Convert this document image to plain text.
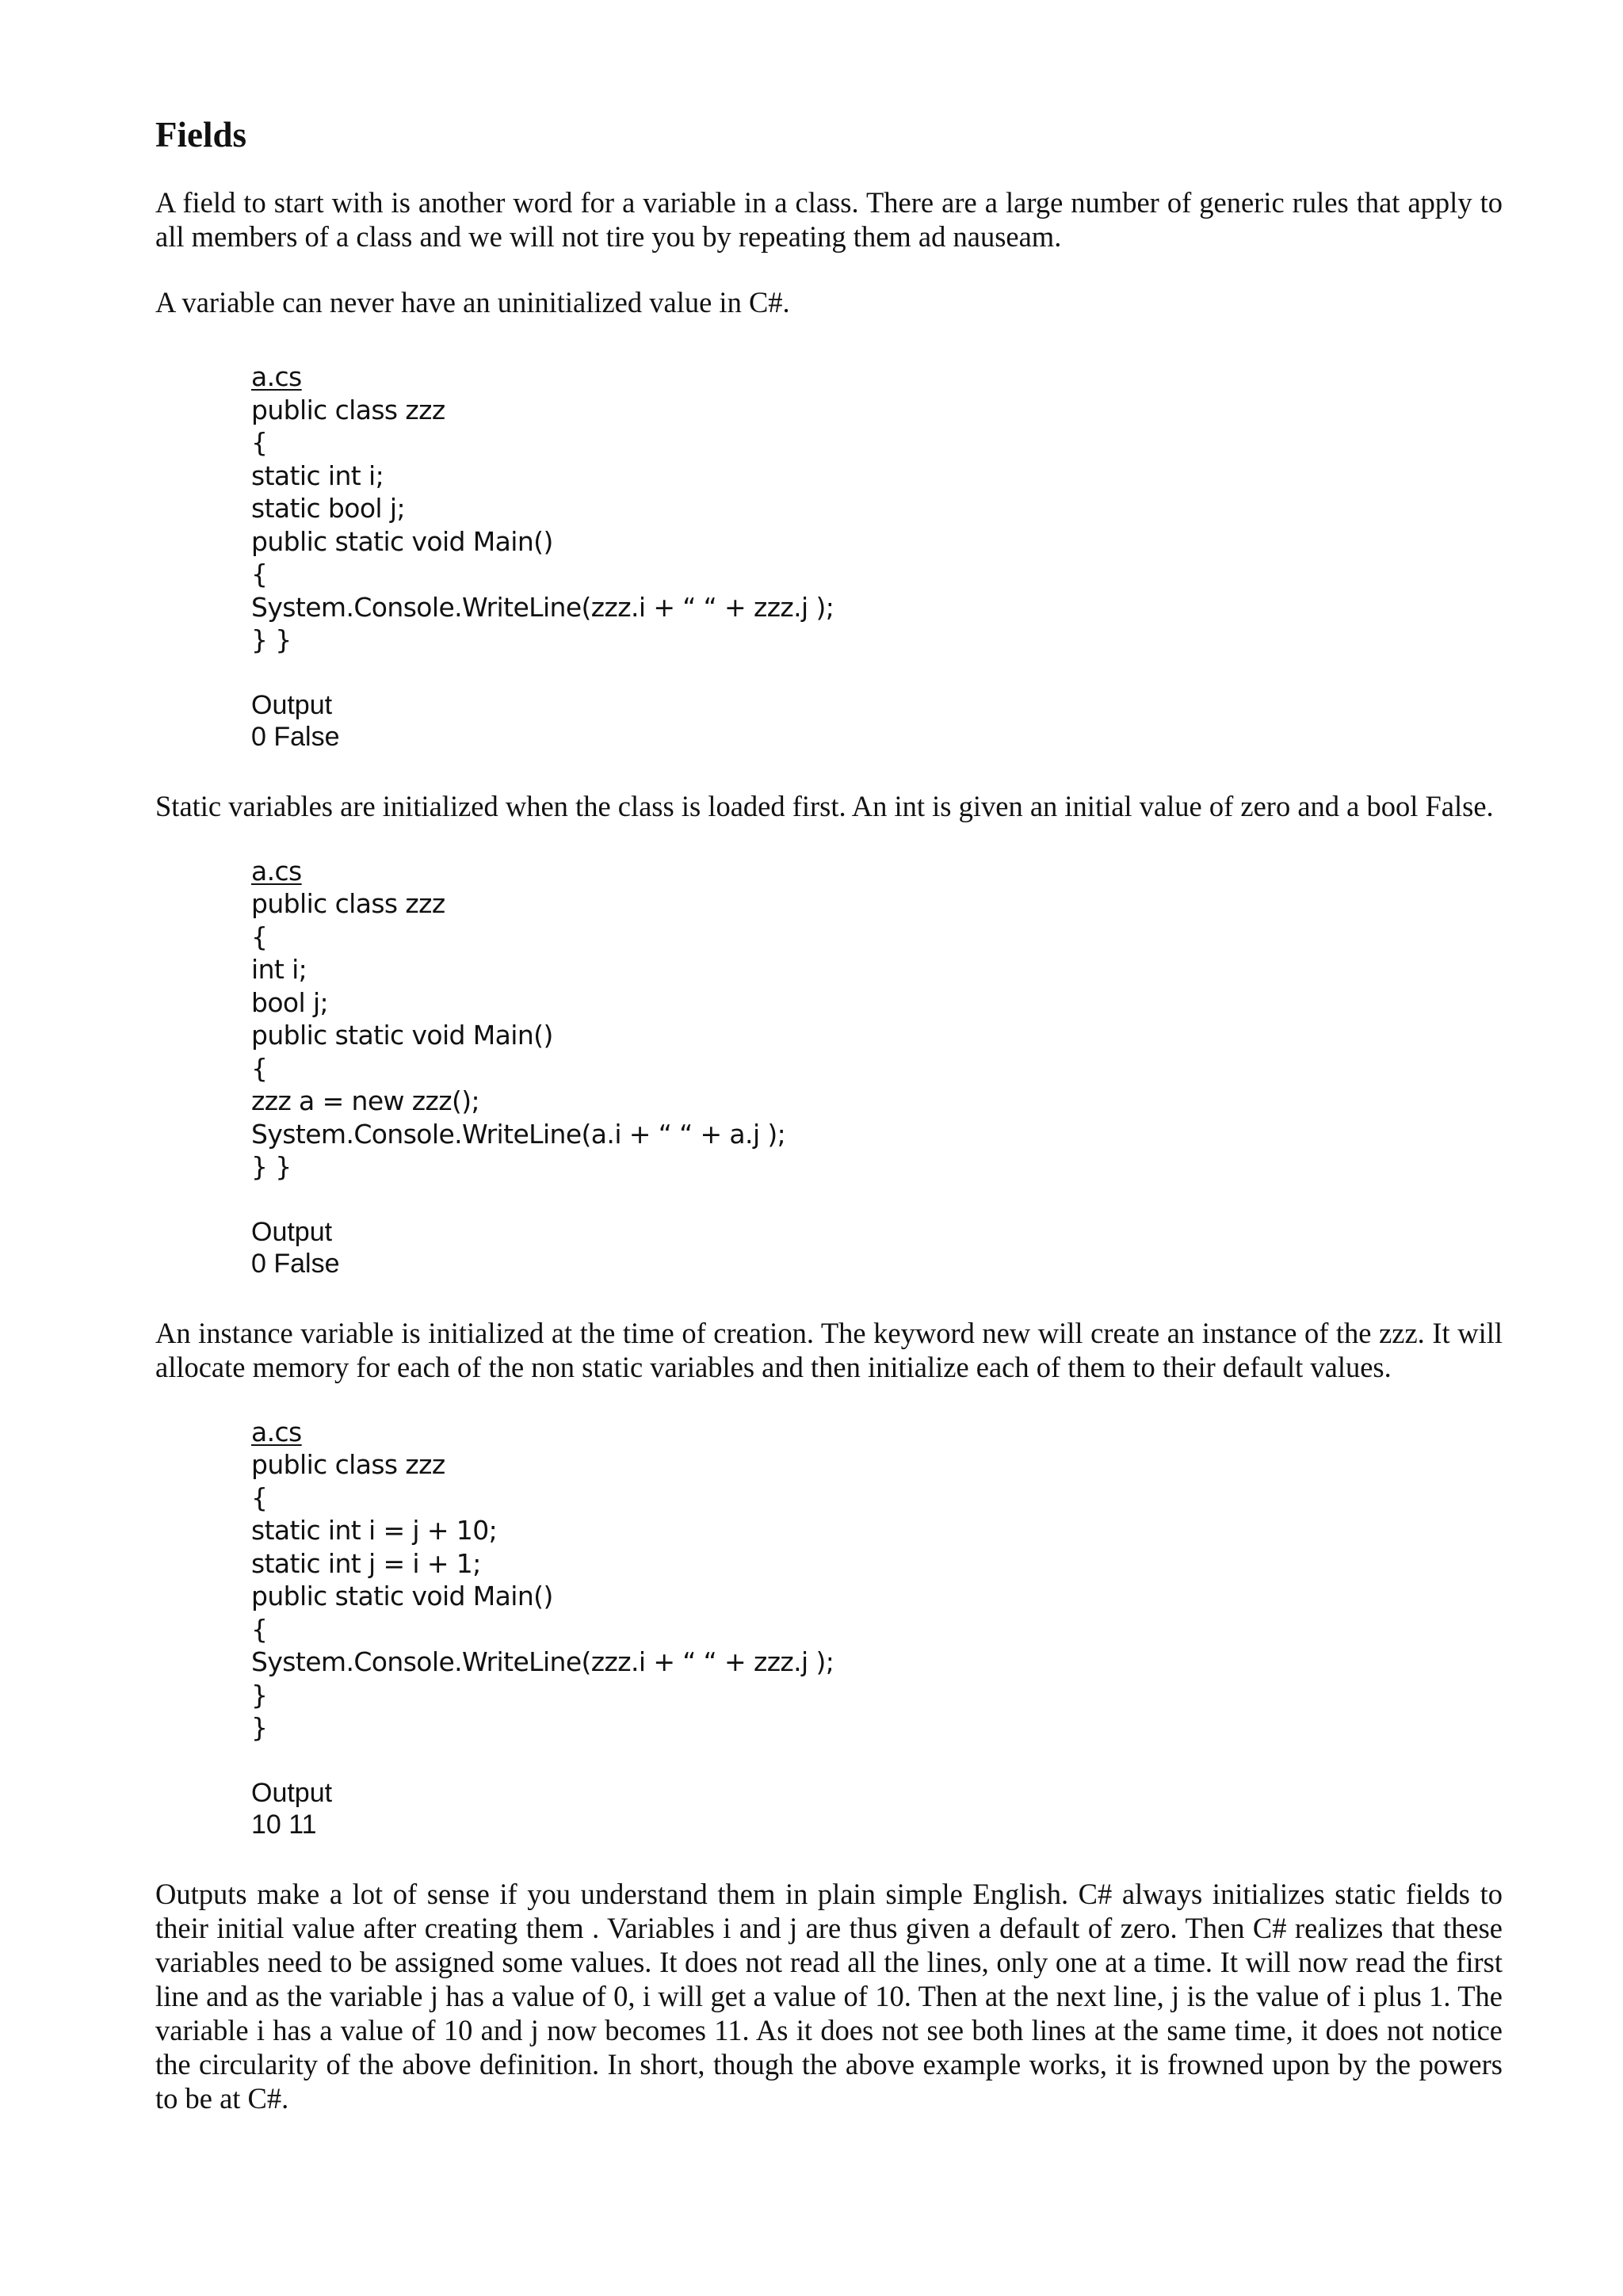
Fields

A field to start with is another word for a variable in a class. There are a large number of generic rules that apply to all members of a class and we will not tire you by repeating them ad nauseam.

A variable can never have an uninitialized value in C#.

a.cs
public class zzz
{
static int i;
static bool j;
public static void Main()
{
System.Console.WriteLine(zzz.i + “ “ + zzz.j );
} }
Output
0 False

Static variables are initialized when the class is loaded first. An int is given an initial value of zero and a bool False.

a.cs
public class zzz
{
int i;
bool j;
public static void Main()
{
zzz a = new zzz();
System.Console.WriteLine(a.i + “ “ + a.j );
} }
Output
0 False

An instance variable is initialized at the time of creation. The keyword new will create an instance of the zzz. It will allocate memory for each of the non static variables and then initialize each of them to their default values.

a.cs
public class zzz
{
static int i = j + 10;
static int j = i + 1;
public static void Main()
{
System.Console.WriteLine(zzz.i + “ “ + zzz.j );
}
}
Output
10 11

Outputs make a lot of sense if you understand them in plain simple English. C# always initializes static fields to their initial value after creating them . Variables i and j are thus given a default of zero. Then C# realizes that these variables need to be assigned some values. It does not read all the lines, only one at a time. It will now read the first line and as the variable j has a value of 0, i will get a value of 10. Then at the next line, j is the value of i plus 1. The variable i has a value of 10 and j now becomes 11. As it does not see both lines at the same time, it does not notice the circularity of the above definition. In short, though the above example works, it is frowned upon by the powers to be at C#.
